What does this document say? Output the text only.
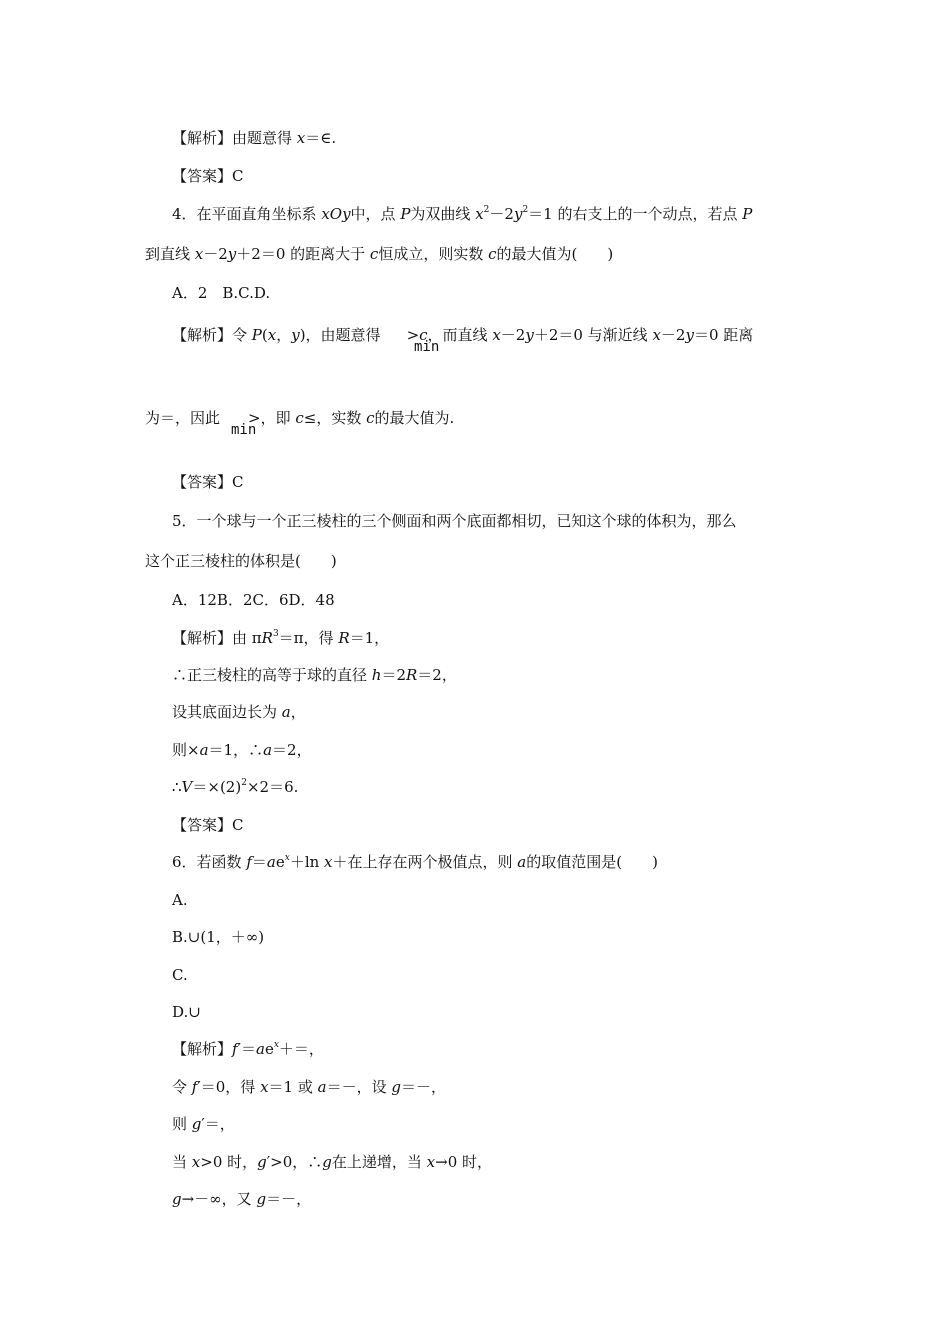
【解析】由题意得 x＝∈.
【答案】C
4．在平面直角坐标系 xOy中，点 P为双曲线 $x^2-2y^2=1$ 的右支上的一个动点，若点 P
到直线 x－2y＋2＝0 的距离大于 c恒成立，则实数 c的最大值为(　　)
A．2　B.C.D.
【解析】令 P(x，y)，由题意得 >c，而直线 x－2y＋2＝0 与渐近线 x－2y＝0 距离
min
为＝，因此 >，即 c≤，实数 c的最大值为.
min
【答案】C
5．一个球与一个正三棱柱的三个侧面和两个底面都相切，已知这个球的体积为，那么
这个正三棱柱的体积是(　　)
A．12B．2C．6D．48
【解析】由 $\pi R^3=\pi$，得 R＝1，
∴正三棱柱的高等于球的直径 h＝2R＝2，
设其底面边长为 a，
则×a＝1，∴a＝2，
$\therefore V=\times(2)^2\times 2=6$.
【答案】C
6．若函数 $f=ae^x+\ln$ x＋在上存在两个极值点，则 a的取值范围是(　　)
A.
B.∪(1，＋∞)
C.
D.∪
【解析】$f'=ae^x+=$，
令 f′＝0，得 x＝1 或 a＝－，设 g＝－，
则 g′＝，
当 x>0 时，g′>0，∴g在上递增，当 x→0 时，
g→－∞，又 g＝－，
